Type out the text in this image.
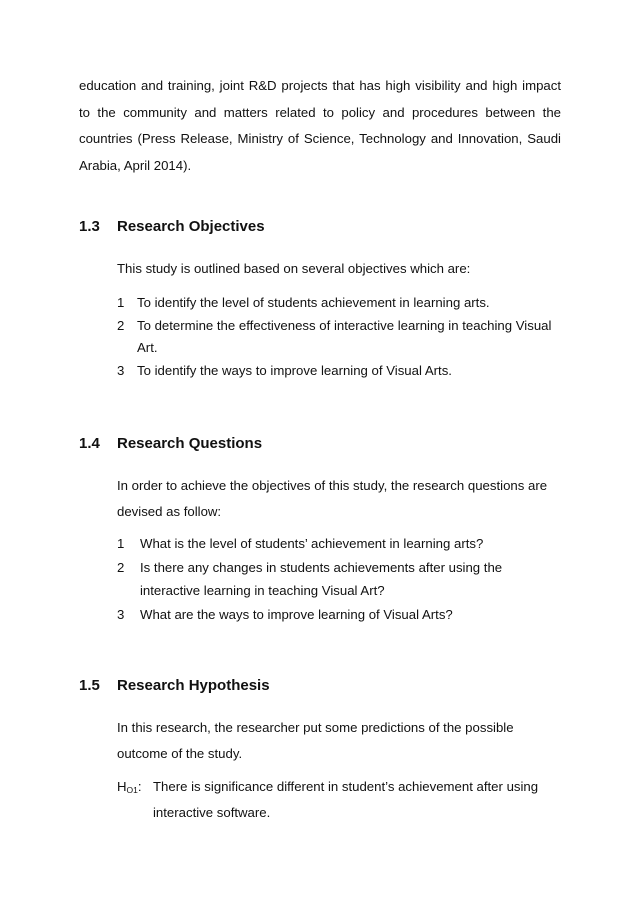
education and training, joint R&D projects that has high visibility and high impact to the community and matters related to policy and procedures between the countries (Press Release, Ministry of Science, Technology and Innovation, Saudi Arabia, April 2014).

1.3 Research Objectives

This study is outlined based on several objectives which are:

1 To identify the level of students achievement in learning arts.
2 To determine the effectiveness of interactive learning in teaching Visual Art.
3 To identify the ways to improve learning of Visual Arts.
1.4 Research Questions

In order to achieve the objectives of this study, the research questions are devised as follow:

1 What is the level of students’ achievement in learning arts?
2 Is there any changes in students achievements after using the interactive learning in teaching Visual Art?
3 What are the ways to improve learning of Visual Arts?
1.5 Research Hypothesis

In this research, the researcher put some predictions of the possible outcome of the study.

$H_{O1}$: There is significance different in student’s achievement after using interactive software.
